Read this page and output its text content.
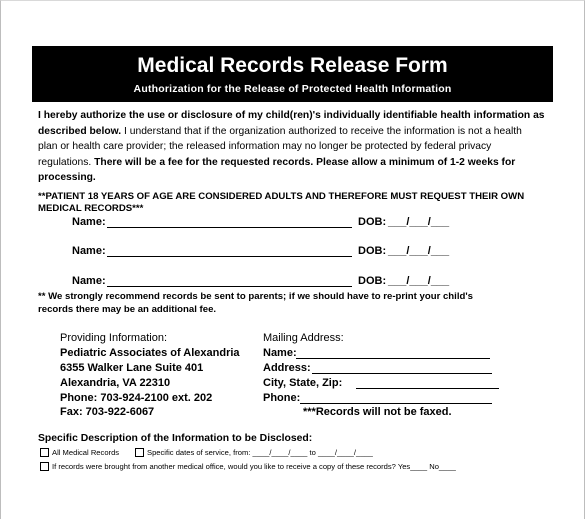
Medical Records Release Form
Authorization for the Release of Protected Health Information
I hereby authorize the use or disclosure of my child(ren)'s individually identifiable health information as
described below. I understand that if the organization authorized to receive the information is not a health
plan or health care provider; the released information may no longer be protected by federal privacy
regulations. There will be a fee for the requested records. Please allow a minimum of 1-2 weeks for
processing.
**PATIENT 18 YEARS OF AGE ARE CONSIDERED ADULTS AND THEREFORE MUST REQUEST THEIR OWN
MEDICAL RECORDS***
Name:	DOB: ___/___/___
Name:	DOB: ___/___/___
Name:	DOB: ___/___/___
** We strongly recommend records be sent to parents; if we should have to re-print your child's
records there may be an additional fee.
Providing Information:
Pediatric Associates of Alexandria
6355 Walker Lane Suite 401
Alexandria, VA 22310
Phone: 703-924-2100 ext. 202
Fax: 703-922-6067
Mailing Address:
Name:
Address:
City, State, Zip:
Phone:
***Records will not be faxed.
Specific Description of the Information to be Disclosed:
All Medical Records	Specific dates of service, from: ____/____/____ to ____/____/____
If records were brought from another medical office, would you like to receive a copy of these records? Yes____ No____
